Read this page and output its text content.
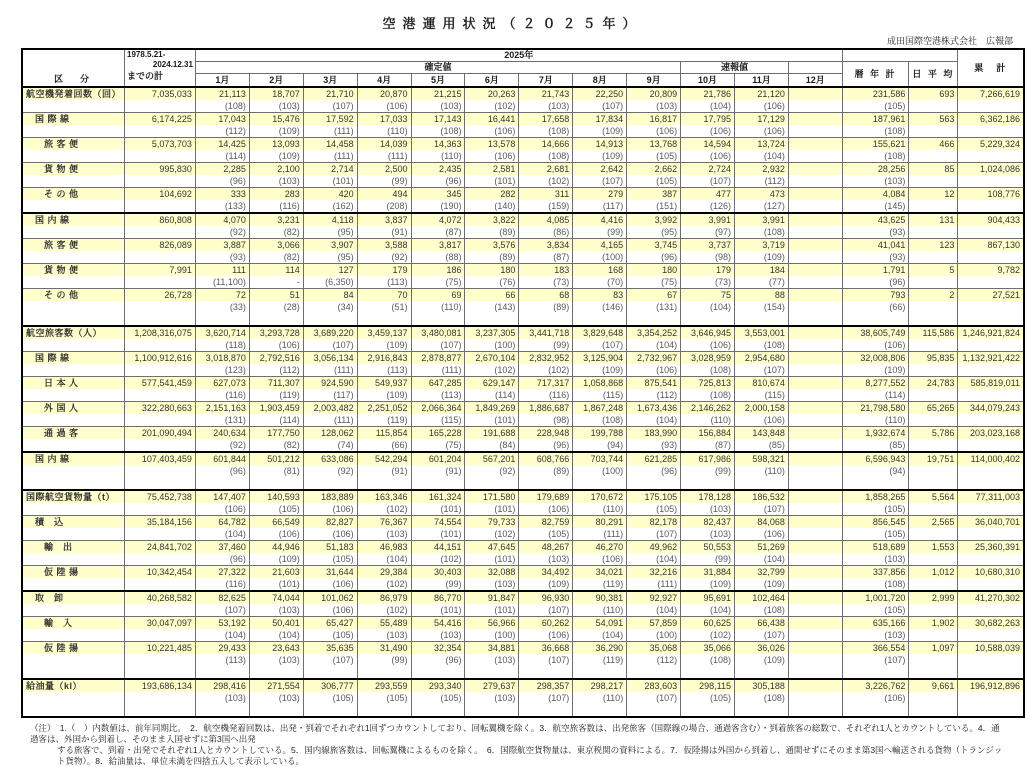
空港運用状況（２０２５年）
成田国際空港株式会社　広報部
区　分	1978.5.21-
2024.12.31
までの計	2025年														累　計
		確定値									速報値			暦 年 計	日 平 均	
		1月	2月	3月	4月	5月	6月	7月	8月	9月	10月	11月	12月			
航空機発着回数（回）	7,035,033	21,113	18,707	21,710	20,870	21,215	20,263	21,743	22,250	20,809	21,786	21,120		231,586	693	7,266,619
		(108)	(103)	(107)	(106)	(103)	(102)	(103)	(107)	(103)	(104)	(106)		(105)		
国 際 線	6,174,225	17,043	15,476	17,592	17,033	17,143	16,441	17,658	17,834	16,817	17,795	17,129		187,961	563	6,362,186
		(112)	(109)	(111)	(110)	(108)	(106)	(108)	(109)	(106)	(106)	(106)		(108)		
旅 客 便	5,073,703	14,425	13,093	14,458	14,039	14,363	13,578	14,666	14,913	13,768	14,594	13,724		155,621	466	5,229,324
		(114)	(109)	(111)	(111)	(110)	(106)	(108)	(109)	(105)	(106)	(104)		(108)		
貨 物 便	995,830	2,285	2,100	2,714	2,500	2,435	2,581	2,681	2,642	2,662	2,724	2,932		28,256	85	1,024,086
		(96)	(103)	(101)	(99)	(96)	(101)	(102)	(107)	(105)	(107)	(112)		(103)		
そ の 他	104,692	333	283	420	494	345	282	311	279	387	477	473		4,084	12	108,776
		(133)	(116)	(162)	(208)	(190)	(140)	(159)	(117)	(151)	(126)	(127)		(145)		
国 内 線	860,808	4,070	3,231	4,118	3,837	4,072	3,822	4,085	4,416	3,992	3,991	3,991		43,625	131	904,433
		(92)	(82)	(95)	(91)	(87)	(89)	(86)	(99)	(95)	(97)	(108)		(93)		
旅 客 便	826,089	3,887	3,066	3,907	3,588	3,817	3,576	3,834	4,165	3,745	3,737	3,719		41,041	123	867,130
		(93)	(82)	(95)	(92)	(88)	(89)	(87)	(100)	(96)	(98)	(109)		(93)		
貨 物 便	7,991	111	114	127	179	186	180	183	168	180	179	184		1,791	5	9,782
		(11,100)	-	(6,350)	(113)	(75)	(76)	(73)	(70)	(75)	(73)	(77)		(96)		
そ の 他	26,728	72	51	84	70	69	66	68	83	67	75	88		793	2	27,521
		(33)	(28)	(34)	(51)	(110)	(143)	(89)	(146)	(131)	(104)	(154)		(66)		

航空旅客数（人）	1,208,316,075	3,620,714	3,293,728	3,689,220	3,459,137	3,480,081	3,237,305	3,441,718	3,829,648	3,354,252	3,646,945	3,553,001		38,605,749	115,586	1,246,921,824
		(118)	(106)	(107)	(109)	(107)	(100)	(99)	(107)	(104)	(106)	(108)		(106)		
国 際 線	1,100,912,616	3,018,870	2,792,516	3,056,134	2,916,843	2,878,877	2,670,104	2,832,952	3,125,904	2,732,967	3,028,959	2,954,680		32,008,806	95,835	1,132,921,422
		(123)	(112)	(111)	(113)	(111)	(102)	(102)	(109)	(106)	(108)	(107)		(109)		
日 本 人	577,541,459	627,073	711,307	924,590	549,937	647,285	629,147	717,317	1,058,868	875,541	725,813	810,674		8,277,552	24,783	585,819,011
		(116)	(119)	(117)	(109)	(113)	(114)	(116)	(115)	(112)	(108)	(115)		(114)		
外 国 人	322,280,663	2,151,163	1,903,459	2,003,482	2,251,052	2,066,364	1,849,269	1,886,687	1,867,248	1,673,436	2,146,262	2,000,158		21,798,580	65,265	344,079,243
		(131)	(114)	(111)	(119)	(115)	(101)	(98)	(108)	(104)	(110)	(106)		(110)		
通 過 客	201,090,494	240,634	177,750	128,062	115,854	165,228	191,688	228,948	199,788	183,990	156,884	143,848		1,932,674	5,786	203,023,168
		(92)	(82)	(74)	(66)	(75)	(84)	(96)	(94)	(93)	(87)	(85)		(85)		
国 内 線	107,403,459	601,844	501,212	633,086	542,294	601,204	567,201	608,766	703,744	621,285	617,986	598,321		6,596,943	19,751	114,000,402
		(96)	(81)	(92)	(91)	(91)	(92)	(89)	(100)	(96)	(99)	(110)		(94)		

国際航空貨物量（t）	75,452,738	147,407	140,593	183,889	163,346	161,324	171,580	179,689	170,672	175,105	178,128	186,532		1,858,265	5,564	77,311,003
		(106)	(105)	(106)	(102)	(101)	(101)	(106)	(110)	(105)	(103)	(107)		(105)		
積　込	35,184,156	64,782	66,549	82,827	76,367	74,554	79,733	82,759	80,291	82,178	82,437	84,068		856,545	2,565	36,040,701
		(104)	(106)	(106)	(103)	(101)	(102)	(105)	(111)	(107)	(103)	(106)		(105)		
輸　出	24,841,702	37,460	44,946	51,183	46,983	44,151	47,645	48,267	46,270	49,962	50,553	51,269		518,689	1,553	25,360,391
		(96)	(109)	(105)	(104)	(102)	(101)	(103)	(106)	(104)	(99)	(104)		(103)		
仮 陸 揚	10,342,454	27,322	21,603	31,644	29,384	30,403	32,088	34,492	34,021	32,216	31,884	32,799		337,856	1,012	10,680,310
		(116)	(101)	(106)	(102)	(99)	(103)	(109)	(119)	(111)	(109)	(109)		(108)		
取　卸	40,268,582	82,625	74,044	101,062	86,979	86,770	91,847	96,930	90,381	92,927	95,691	102,464		1,001,720	2,999	41,270,302
		(107)	(103)	(106)	(102)	(101)	(101)	(107)	(110)	(104)	(104)	(108)		(105)		
輸　入	30,047,097	53,192	50,401	65,427	55,489	54,416	56,966	60,262	54,091	57,859	60,625	66,438		635,166	1,902	30,682,263
		(104)	(104)	(105)	(103)	(103)	(100)	(106)	(104)	(100)	(102)	(107)		(103)		
仮 陸 揚	10,221,485	29,433	23,643	35,635	31,490	32,354	34,881	36,668	36,290	35,068	35,066	36,026		366,554	1,097	10,588,039
		(113)	(103)	(107)	(99)	(96)	(103)	(107)	(119)	(112)	(108)	(109)		(107)		

給油量（kl）	193,686,134	298,416	271,554	306,777	293,559	293,340	279,637	298,357	298,217	283,603	298,115	305,188		3,226,762	9,661	196,912,896
		(103)	(103)	(105)	(105)	(105)	(103)	(107)	(110)	(107)	(105)	(108)		(106)		

（注）　1.（　）内数値は、前年同期比。　2．航空機発着回数は、出発・到着でそれぞれ1回ずつカウントしており、回転翼機を除く。3．航空旅客数は、出発旅客（国際線の場合、通過客含む）・到着旅客の総数で、それぞれ1人とカウントしている。4．通過客は、外国から到着し、そのまま入国せずに第3国へ出発
する旅客で、到着・出発でそれぞれ1人とカウントしている。5．国内線旅客数は、回転翼機によるものを除く。　6．国際航空貨物量は、東京税関の資料による。7．仮陸揚は外国から到着し、通関せずにそのまま第3国へ輸送される貨物（トランジット貨物）。8．給油量は、単位未満を四捨五入して表示している。
